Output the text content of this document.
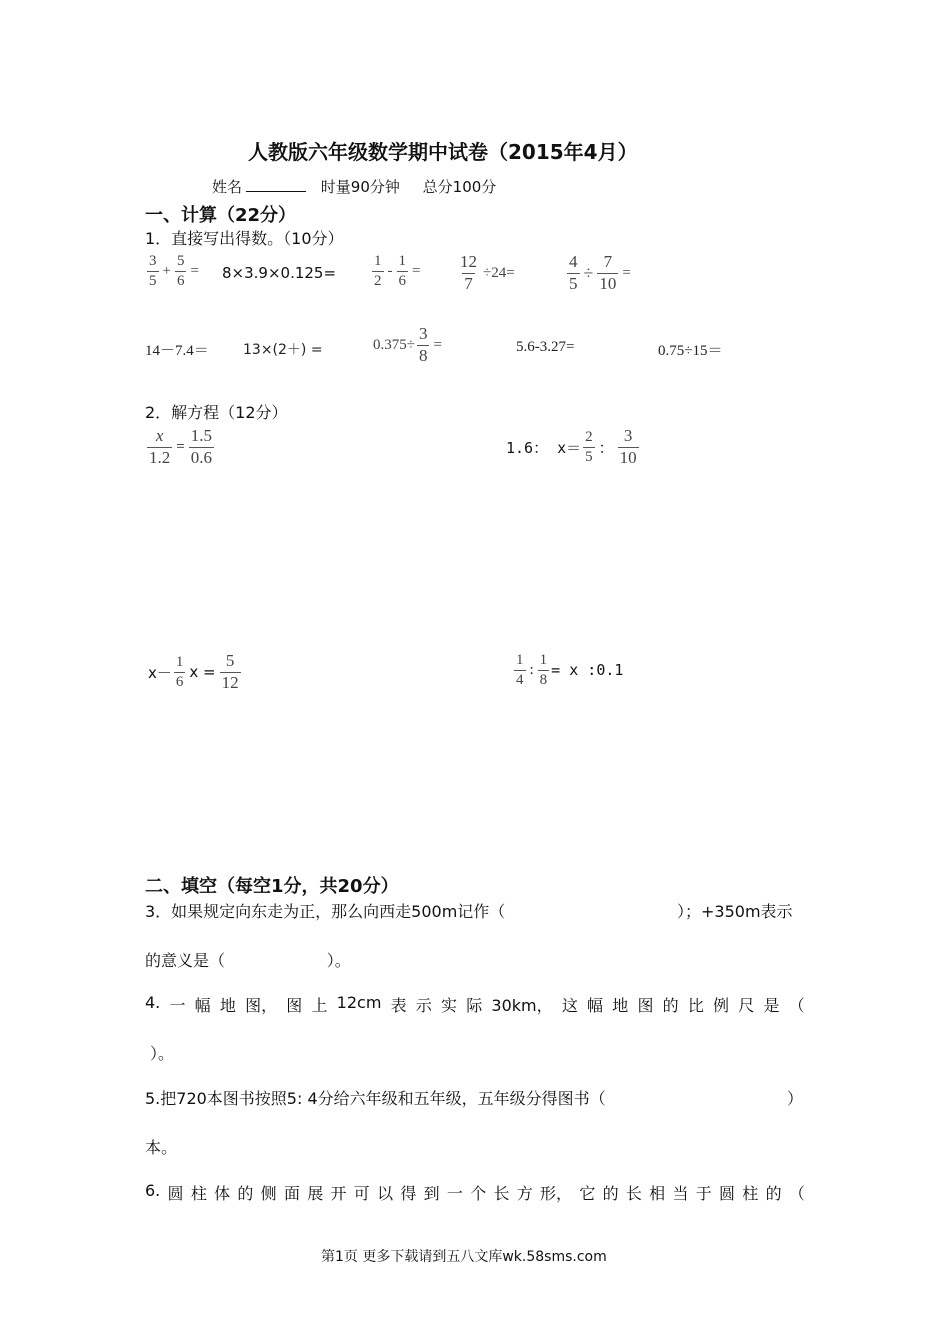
人教版六年级数学期中试卷（2015年4月）
姓名	时量90分钟 总分100分
一、计算（22分）
1．直接写出得数。（10分）
$\frac{3}{5} + \frac{5}{6} = 8\times 3.9\times 0.125= \frac{1}{2} - \frac{1}{6} = \frac{12}{7} \div 24=$	$\frac{4}{5} \div \frac{7}{10}$ =
14－7.4＝ 13×(2＋) =	$0.375\div \frac{3}{8}$ =	5.6-3.27=	0.75÷15＝
2．解方程（12分）
$\frac{x}{1.2} = \frac{1.5}{0.6}$	1.6： $x= \frac{2}{5}$ ： $\frac{3}{10}$
$x- \frac{1}{6}$ $x = \frac{5}{12}$	$\frac{1}{4}$ : $\frac{1}{8} = x$ :0.1
二、填空（每空1分，共20分）
3．如果规定向东走为正，那么向西走500m记作（	）；+350m表示
的意义是（                    ）。
4. 一 幅 地 图， 图 上 12cm 表 示 实 际 30km， 这 幅 地 图 的 比 例 尺 是 （
）。
5.把720本图书按照5: 4分给六年级和五年级，五年级分得图书（	）
本。
6. 圆 柱 体 的 侧 面 展 开 可 以 得 到 一 个 长 方 形， 它 的 长 相 当 于 圆 柱 的 （
第1页 更多下载请到五八文库wk.58sms.com
